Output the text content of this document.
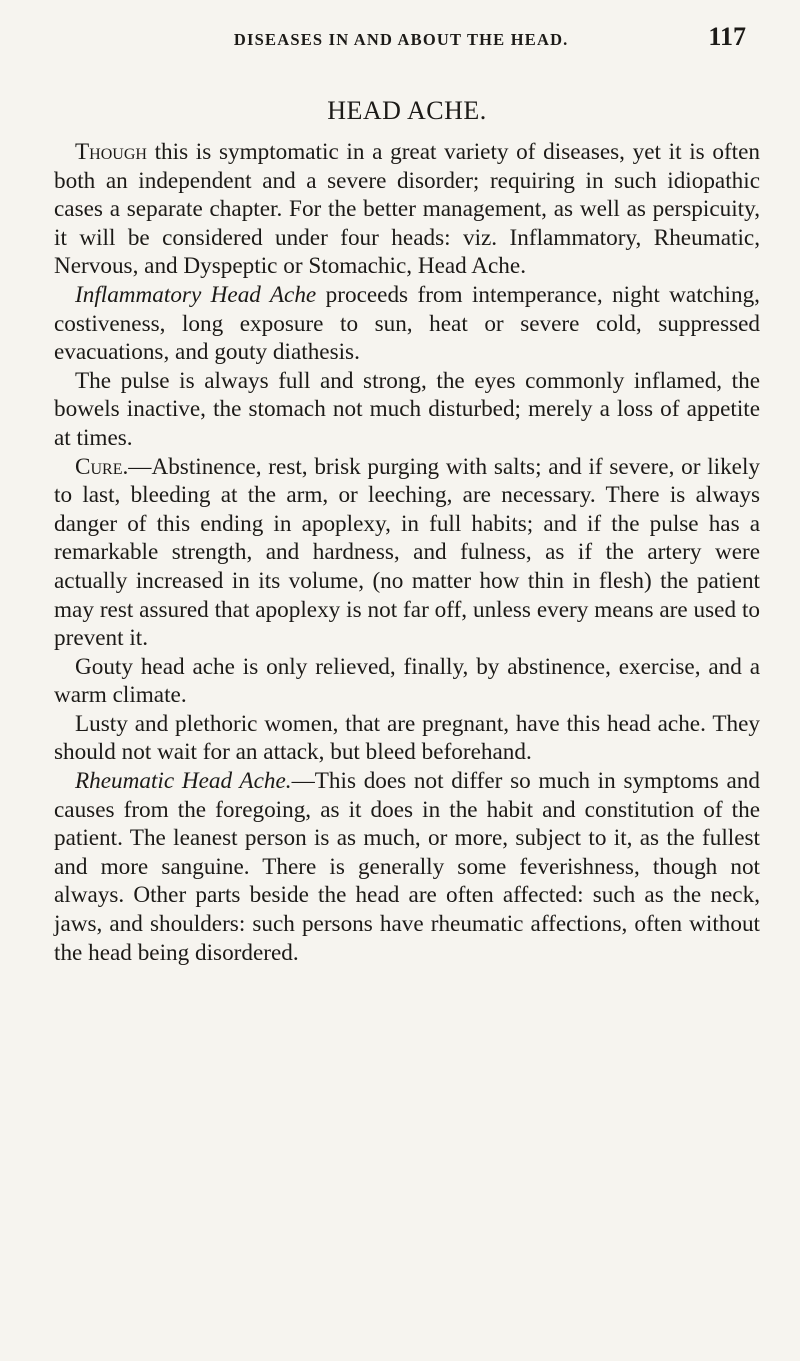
DISEASES IN AND ABOUT THE HEAD.	117
HEAD ACHE.

Though this is symptomatic in a great variety of diseases, yet it is often both an independent and a severe disorder; requiring in such idiopathic cases a separate chapter. For the better management, as well as perspicuity, it will be considered under four heads: viz. Inflammatory, Rheumatic, Nervous, and Dyspeptic or Stomachic, Head Ache.

Inflammatory Head Ache proceeds from intemperance, night watching, costiveness, long exposure to sun, heat or severe cold, suppressed evacuations, and gouty diathesis.

The pulse is always full and strong, the eyes commonly inflamed, the bowels inactive, the stomach not much disturbed; merely a loss of appetite at times.

Cure.—Abstinence, rest, brisk purging with salts; and if severe, or likely to last, bleeding at the arm, or leeching, are necessary. There is always danger of this ending in apoplexy, in full habits; and if the pulse has a remarkable strength, and hardness, and fulness, as if the artery were actually increased in its volume, (no matter how thin in flesh) the patient may rest assured that apoplexy is not far off, unless every means are used to prevent it.

Gouty head ache is only relieved, finally, by abstinence, exercise, and a warm climate.

Lusty and plethoric women, that are pregnant, have this head ache. They should not wait for an attack, but bleed beforehand.

Rheumatic Head Ache.—This does not differ so much in symptoms and causes from the foregoing, as it does in the habit and constitution of the patient. The leanest person is as much, or more, subject to it, as the fullest and more sanguine. There is generally some feverishness, though not always. Other parts beside the head are often affected: such as the neck, jaws, and shoulders: such persons have rheumatic affections, often without the head being disordered.
